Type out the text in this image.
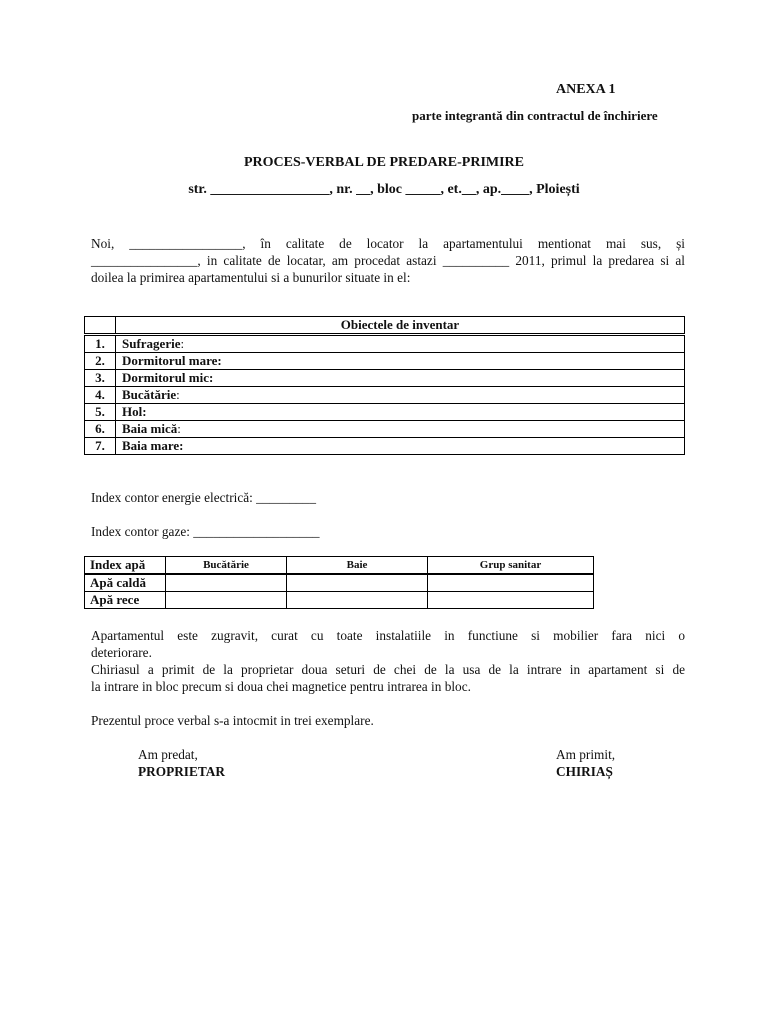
ANEXA 1
parte integrantă din contractul de închiriere
PROCES-VERBAL DE PREDARE-PRIMIRE
str. _________________, nr. __, bloc _____, et.__, ap.____, Ploiești
Noi, _________________, în calitate de locator la apartamentului mentionat mai sus, și
________________, in calitate de locatar, am procedat astazi __________ 2011, primul la predarea si al
doilea la primirea apartamentului si a bunurilor situate in el:
	Obiectele de inventar
1.	Sufragerie:
2.	Dormitorul mare:
3.	Dormitorul mic:
4.	Bucătărie:
5.	Hol:
6.	Baia mică:
7.	Baia mare:
Index contor energie electrică: _________
Index contor gaze: ___________________
Index apă	Bucătărie	Baie	Grup sanitar
Apă caldă			
Apă rece			
Apartamentul este zugravit, curat cu toate instalatiile in functiune si mobilier fara nici o
deteriorare.
Chiriasul a primit de la proprietar doua seturi de chei de la usa de la intrare in apartament si de
la intrare in bloc precum si doua chei magnetice pentru intrarea in bloc.
Prezentul proce verbal s-a intocmit in trei exemplare.
Am predat,
PROPRIETAR
Am primit,
CHIRIAȘ
